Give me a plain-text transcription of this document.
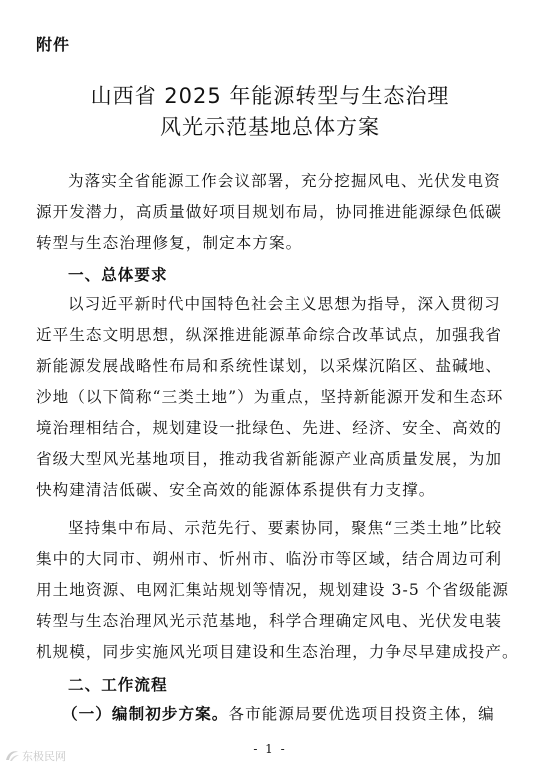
附件
山西省 2025 年能源转型与生态治理
风光示范基地总体方案
为落实全省能源工作会议部署，充分挖掘风电、光伏发电资
源开发潜力，高质量做好项目规划布局，协同推进能源绿色低碳
转型与生态治理修复，制定本方案。
一、总体要求
以习近平新时代中国特色社会主义思想为指导，深入贯彻习
近平生态文明思想，纵深推进能源革命综合改革试点，加强我省
新能源发展战略性布局和系统性谋划，以采煤沉陷区、盐碱地、
沙地（以下简称“三类土地”）为重点，坚持新能源开发和生态环
境治理相结合，规划建设一批绿色、先进、经济、安全、高效的
省级大型风光基地项目，推动我省新能源产业高质量发展，为加
快构建清洁低碳、安全高效的能源体系提供有力支撑。
坚持集中布局、示范先行、要素协同，聚焦“三类土地”比较
集中的大同市、朔州市、忻州市、临汾市等区域，结合周边可利
用土地资源、电网汇集站规划等情况，规划建设 3-5 个省级能源
转型与生态治理风光示范基地，科学合理确定风电、光伏发电装
机规模，同步实施风光项目建设和生态治理，力争尽早建成投产。
二、工作流程
（一）编制初步方案。各市能源局要优选项目投资主体，编
- 1 -
东极民网
